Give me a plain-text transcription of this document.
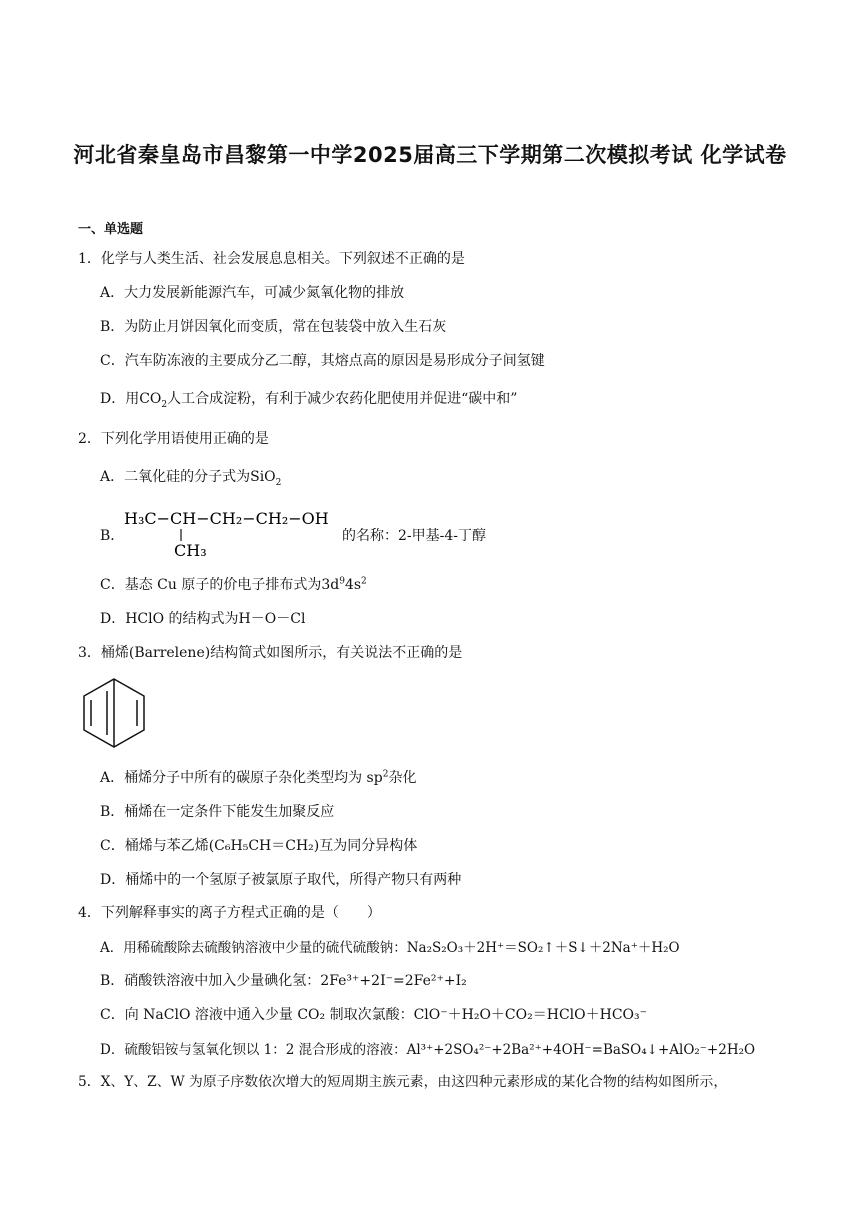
河北省秦皇岛市昌黎第一中学2025届高三下学期第二次模拟考试 化学试卷
一、单选题
1．化学与人类生活、社会发展息息相关。下列叙述不正确的是
A．大力发展新能源汽车，可减少氮氧化物的排放
B．为防止月饼因氧化而变质，常在包装袋中放入生石灰
C．汽车防冻液的主要成分乙二醇，其熔点高的原因是易形成分子间氢键
D．用$CO_2$人工合成淀粉，有利于减少农药化肥使用并促进“碳中和”
2．下列化学用语使用正确的是
A．二氧化硅的分子式为SiO$_2$
B．
H₃C−CH−CH₂−CH₂−OH
CH₃
的名称：2-甲基-4-丁醇
C．基态 Cu 原子的价电子排布式为$3d^94s^2$
D．HClO 的结构式为H－O－Cl
3．桶烯(Barrelene)结构简式如图所示，有关说法不正确的是
A．桶烯分子中所有的碳原子杂化类型均为 $sp^2$杂化
B．桶烯在一定条件下能发生加聚反应
C．桶烯与苯乙烯(C₆H₅CH＝CH₂)互为同分异构体
D．桶烯中的一个氢原子被氯原子取代，所得产物只有两种
4．下列解释事实的离子方程式正确的是（　　）
A．用稀硫酸除去硫酸钠溶液中少量的硫代硫酸钠：Na₂S₂O₃＋2H⁺＝SO₂↑＋S↓＋2Na⁺＋H₂O
B．硝酸铁溶液中加入少量碘化氢：2Fe³⁺+2I⁻=2Fe²⁺+I₂
C．向 NaClO 溶液中通入少量 CO₂ 制取次氯酸：ClO⁻＋H₂O＋CO₂＝HClO＋HCO₃⁻
D．硫酸铝铵与氢氧化钡以 1：2 混合形成的溶液：Al³⁺+2SO₄²⁻+2Ba²⁺+4OH⁻=BaSO₄↓+AlO₂⁻+2H₂O
5．X、Y、Z、W 为原子序数依次增大的短周期主族元素，由这四种元素形成的某化合物的结构如图所示，
